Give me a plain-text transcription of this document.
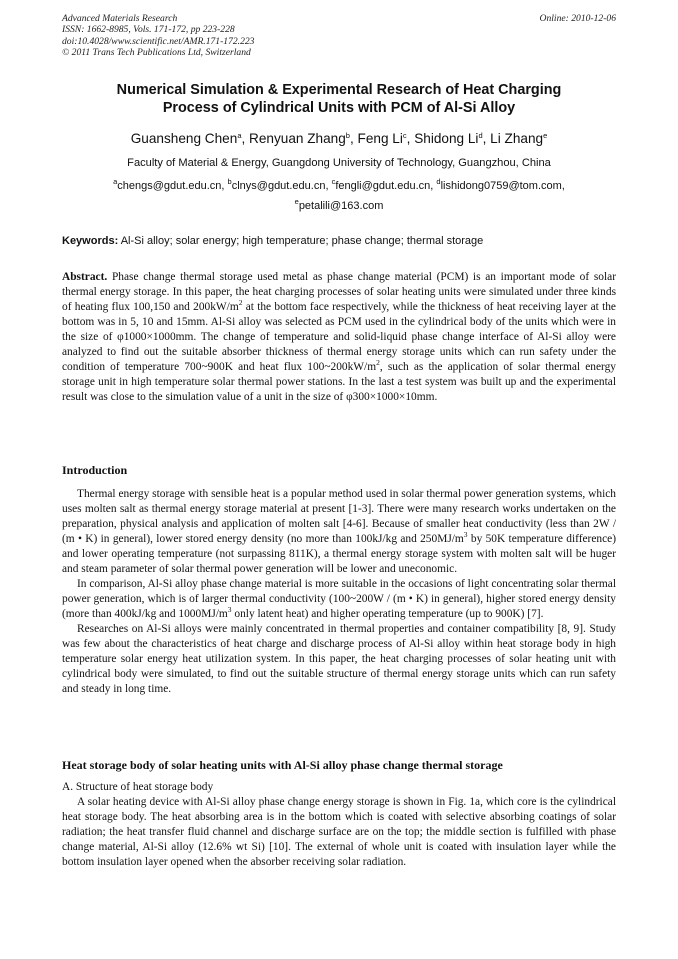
Advanced Materials Research
ISSN: 1662-8985, Vols. 171-172, pp 223-228
doi:10.4028/www.scientific.net/AMR.171-172.223
© 2011 Trans Tech Publications Ltd, Switzerland
Online: 2010-12-06
Numerical Simulation & Experimental Research of Heat Charging
Process of Cylindrical Units with PCM of Al-Si Alloy
Guansheng Chen$^a$, Renyuan Zhang$^b$, Feng Li$^c$, Shidong Li$^d$, Li Zhang$^e$
Faculty of Material & Energy, Guangdong University of Technology, Guangzhou, China
$^a$chengs@gdut.edu.cn, $^b$clnys@gdut.edu.cn, $^c$fengli@gdut.edu.cn, $^d$lishidong0759@tom.com,
$^e$petalili@163.com
Keywords: Al-Si alloy; solar energy; high temperature; phase change; thermal storage

Abstract. Phase change thermal storage used metal as phase change material (PCM) is an important mode of solar thermal energy storage. In this paper, the heat charging processes of solar heating units were simulated under three kinds of heating flux 100,150 and $200kW/m^2$ at the bottom face respectively, while the thickness of heat receiving layer at the bottom was in 5, 10 and 15mm. Al-Si alloy was selected as PCM used in the cylindrical body of the units which were in the size of φ1000×1000mm. The change of temperature and solid-liquid phase change interface of Al-Si alloy were analyzed to find out the suitable absorber thickness of thermal energy storage units which can run safety under the condition of temperature 700~900K and heat flux $100\sim 200kW/m^2$, such as the application of solar thermal energy storage unit in high temperature solar thermal power stations. In the last a test system was built up and the experimental result was close to the simulation value of a unit in the size of φ300×1000×10mm.

Introduction

Thermal energy storage with sensible heat is a popular method used in solar thermal power generation systems, which uses molten salt as thermal energy storage material at present [1-3]. There were many research works undertaken on the preparation, physical analysis and application of molten salt [4-6]. Because of smaller heat conductivity (less than 2W / (m • K) in general), lower stored energy density (no more than 100kJ/kg and $250MJ/m^3$ by 50K temperature difference) and lower operating temperature (not surpassing 811K), a thermal energy storage system with molten salt will be huger and steam parameter of solar thermal power generation will be lower and uneconomic.

In comparison, Al-Si alloy phase change material is more suitable in the occasions of light concentrating solar thermal power generation, which is of larger thermal conductivity (100~200W / (m • K) in general), higher stored energy density (more than 400kJ/kg and $1000MJ/m^3$ only latent heat) and higher operating temperature (up to 900K) [7].

Researches on Al-Si alloys were mainly concentrated in thermal properties and container compatibility [8, 9]. Study was few about the characteristics of heat charge and discharge process of Al-Si alloy within heat storage body in high temperature solar energy heat utilization system. In this paper, the heat charging processes of solar heating unit with cylindrical body were simulated, to find out the suitable structure of thermal energy storage units which can run safety and steady in long time.

Heat storage body of solar heating units with Al-Si alloy phase change thermal storage

A. Structure of heat storage body

A solar heating device with Al-Si alloy phase change energy storage is shown in Fig. 1a, which core is the cylindrical heat storage body. The heat absorbing area is in the bottom which is coated with selective absorbing coatings of solar radiation; the heat transfer fluid channel and discharge surface are on the top; the middle section is fulfilled with phase change material, Al-Si alloy (12.6% wt Si) [10]. The external of whole unit is coated with insulation layer while the bottom insulation layer opened when the absorber receiving solar radiation.
